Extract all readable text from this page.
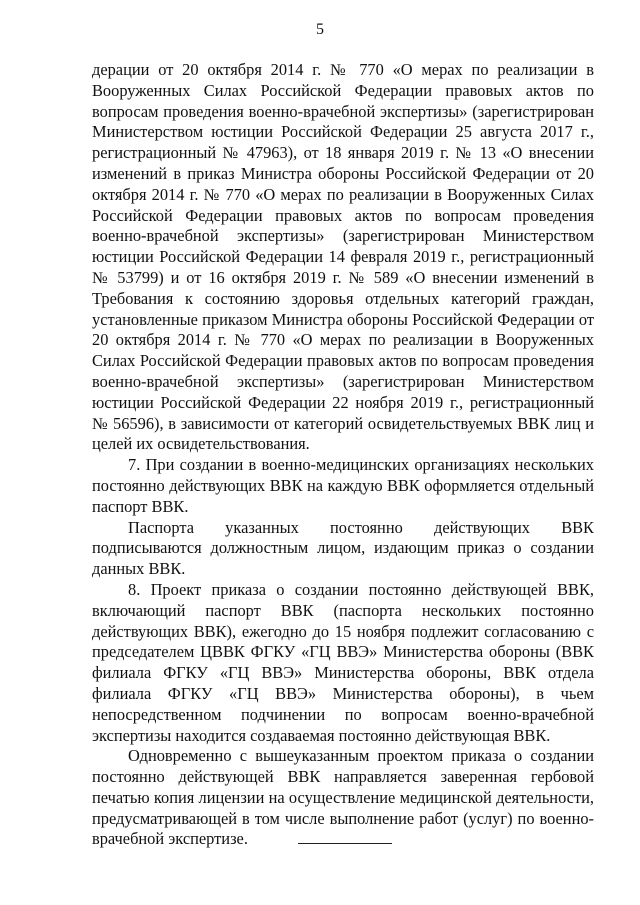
5

дерации от 20 октября 2014 г. № 770 «О мерах по реализации в Вооруженных Силах Российской Федерации правовых актов по вопросам проведения военно-врачебной экспертизы» (зарегистрирован Министерством юстиции Российской Федерации 25 августа 2017 г., регистрационный № 47963), от 18 января 2019 г. № 13 «О внесении изменений в приказ Министра обороны Российской Федерации от 20 октября 2014 г. № 770 «О мерах по реализации в Вооруженных Силах Российской Федерации правовых актов по вопросам проведения военно-врачебной экспертизы» (зарегистрирован Министерством юстиции Российской Федерации 14 февраля 2019 г., регистрационный № 53799) и от 16 октября 2019 г. № 589 «О внесении изменений в Требования к состоянию здоровья отдельных категорий граждан, установленные приказом Министра обороны Российской Федерации от 20 октября 2014 г. № 770 «О мерах по реализации в Вооруженных Силах Российской Федерации правовых актов по вопросам проведения военно-врачебной экспертизы» (зарегистрирован Министерством юстиции Российской Федерации 22 ноября 2019 г., регистрационный № 56596), в зависимости от категорий освидетельствуемых ВВК лиц и целей их освидетельствования.

7. При создании в военно-медицинских организациях нескольких постоянно действующих ВВК на каждую ВВК оформляется отдельный паспорт ВВК.

Паспорта указанных постоянно действующих ВВК подписываются должностным лицом, издающим приказ о создании данных ВВК.

8. Проект приказа о создании постоянно действующей ВВК, включающий паспорт ВВК (паспорта нескольких постоянно действующих ВВК), ежегодно до 15 ноября подлежит согласованию с председателем ЦВВК ФГКУ «ГЦ ВВЭ» Министерства обороны (ВВК филиала ФГКУ «ГЦ ВВЭ» Министерства обороны, ВВК отдела филиала ФГКУ «ГЦ ВВЭ» Министерства обороны), в чьем непосредственном подчинении по вопросам военно-врачебной экспертизы находится создаваемая постоянно действующая ВВК.

Одновременно с вышеуказанным проектом приказа о создании постоянно действующей ВВК направляется заверенная гербовой печатью копия лицензии на осуществление медицинской деятельности, предусматривающей в том числе выполнение работ (услуг) по военно-врачебной экспертизе.
